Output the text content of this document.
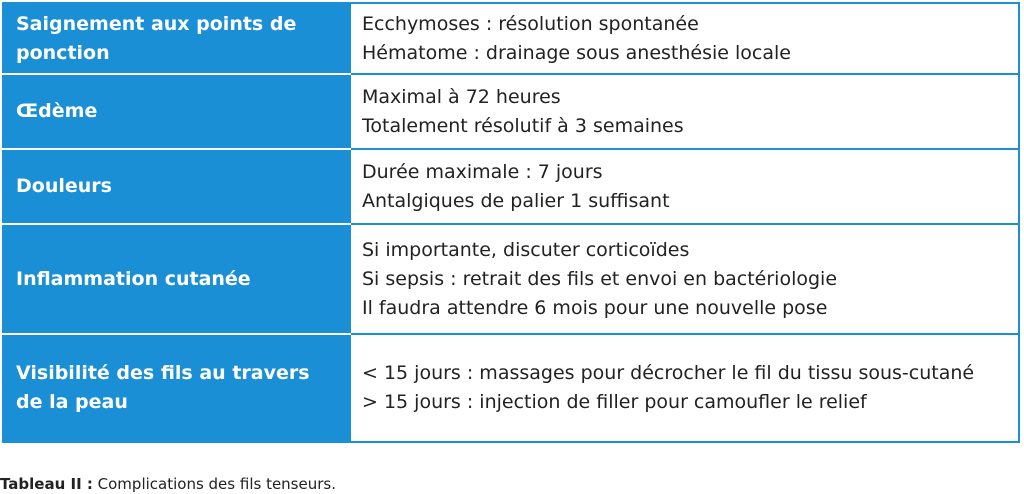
Saignement aux points de ponction	Ecchymoses : résolution spontanée
Hématome : drainage sous anesthésie locale

Œdème	Maximal à 72 heures
Totalement résolutif à 3 semaines

Douleurs	Durée maximale : 7 jours
Antalgiques de palier 1 suffisant

Inflammation cutanée	Si importante, discuter corticoïdes
Si sepsis : retrait des fils et envoi en bactériologie
Il faudra attendre 6 mois pour une nouvelle pose

Visibilité des fils au travers de la peau	< 15 jours : massages pour décrocher le fil du tissu sous-cutané
> 15 jours : injection de filler pour camoufler le relief
Tableau II : Complications des fils tenseurs.
